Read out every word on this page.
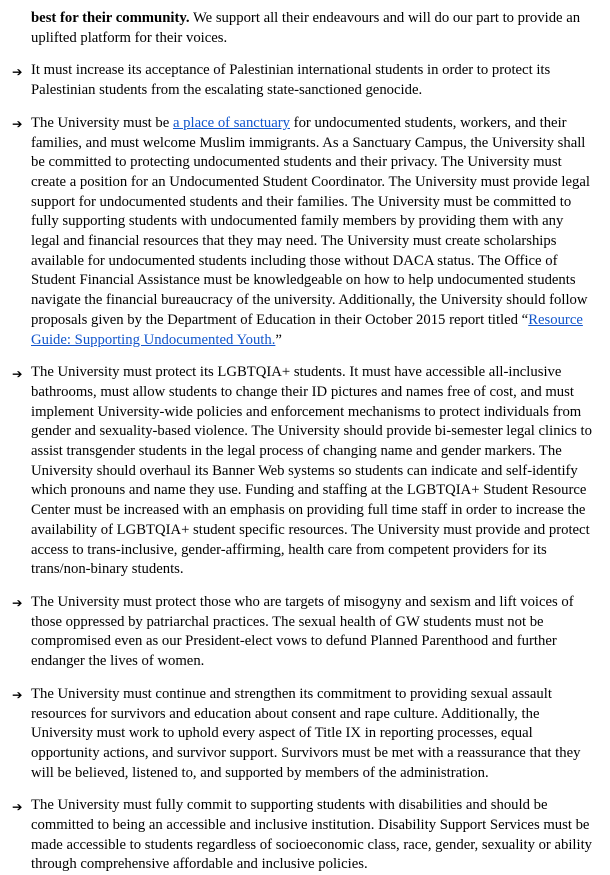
best for their community. We support all their endeavours and will do our part to provide an uplifted platform for their voices.
➔ It must increase its acceptance of Palestinian international students in order to protect its Palestinian students from the escalating state-sanctioned genocide.
➔ The University must be a place of sanctuary for undocumented students, workers, and their families, and must welcome Muslim immigrants. As a Sanctuary Campus, the University shall be committed to protecting undocumented students and their privacy. The University must create a position for an Undocumented Student Coordinator. The University must provide legal support for undocumented students and their families. The University must be committed to fully supporting students with undocumented family members by providing them with any legal and financial resources that they may need. The University must create scholarships available for undocumented students including those without DACA status. The Office of Student Financial Assistance must be knowledgeable on how to help undocumented students navigate the financial bureaucracy of the university. Additionally, the University should follow proposals given by the Department of Education in their October 2015 report titled “Resource Guide: Supporting Undocumented Youth.”
➔ The University must protect its LGBTQIA+ students. It must have accessible all-inclusive bathrooms, must allow students to change their ID pictures and names free of cost, and must implement University-wide policies and enforcement mechanisms to protect individuals from gender and sexuality-based violence. The University should provide bi-semester legal clinics to assist transgender students in the legal process of changing name and gender markers. The University should overhaul its Banner Web systems so students can indicate and self-identify which pronouns and name they use. Funding and staffing at the LGBTQIA+ Student Resource Center must be increased with an emphasis on providing full time staff in order to increase the availability of LGBTQIA+ student specific resources. The University must provide and protect access to trans-inclusive, gender-affirming, health care from competent providers for its trans/non-binary students.
➔ The University must protect those who are targets of misogyny and sexism and lift voices of those oppressed by patriarchal practices. The sexual health of GW students must not be compromised even as our President-elect vows to defund Planned Parenthood and further endanger the lives of women.
➔ The University must continue and strengthen its commitment to providing sexual assault resources for survivors and education about consent and rape culture. Additionally, the University must work to uphold every aspect of Title IX in reporting processes, equal opportunity actions, and survivor support. Survivors must be met with a reassurance that they will be believed, listened to, and supported by members of the administration.
➔ The University must fully commit to supporting students with disabilities and should be committed to being an accessible and inclusive institution. Disability Support Services must be made accessible to students regardless of socioeconomic class, race, gender, sexuality or ability through comprehensive affordable and inclusive policies.
